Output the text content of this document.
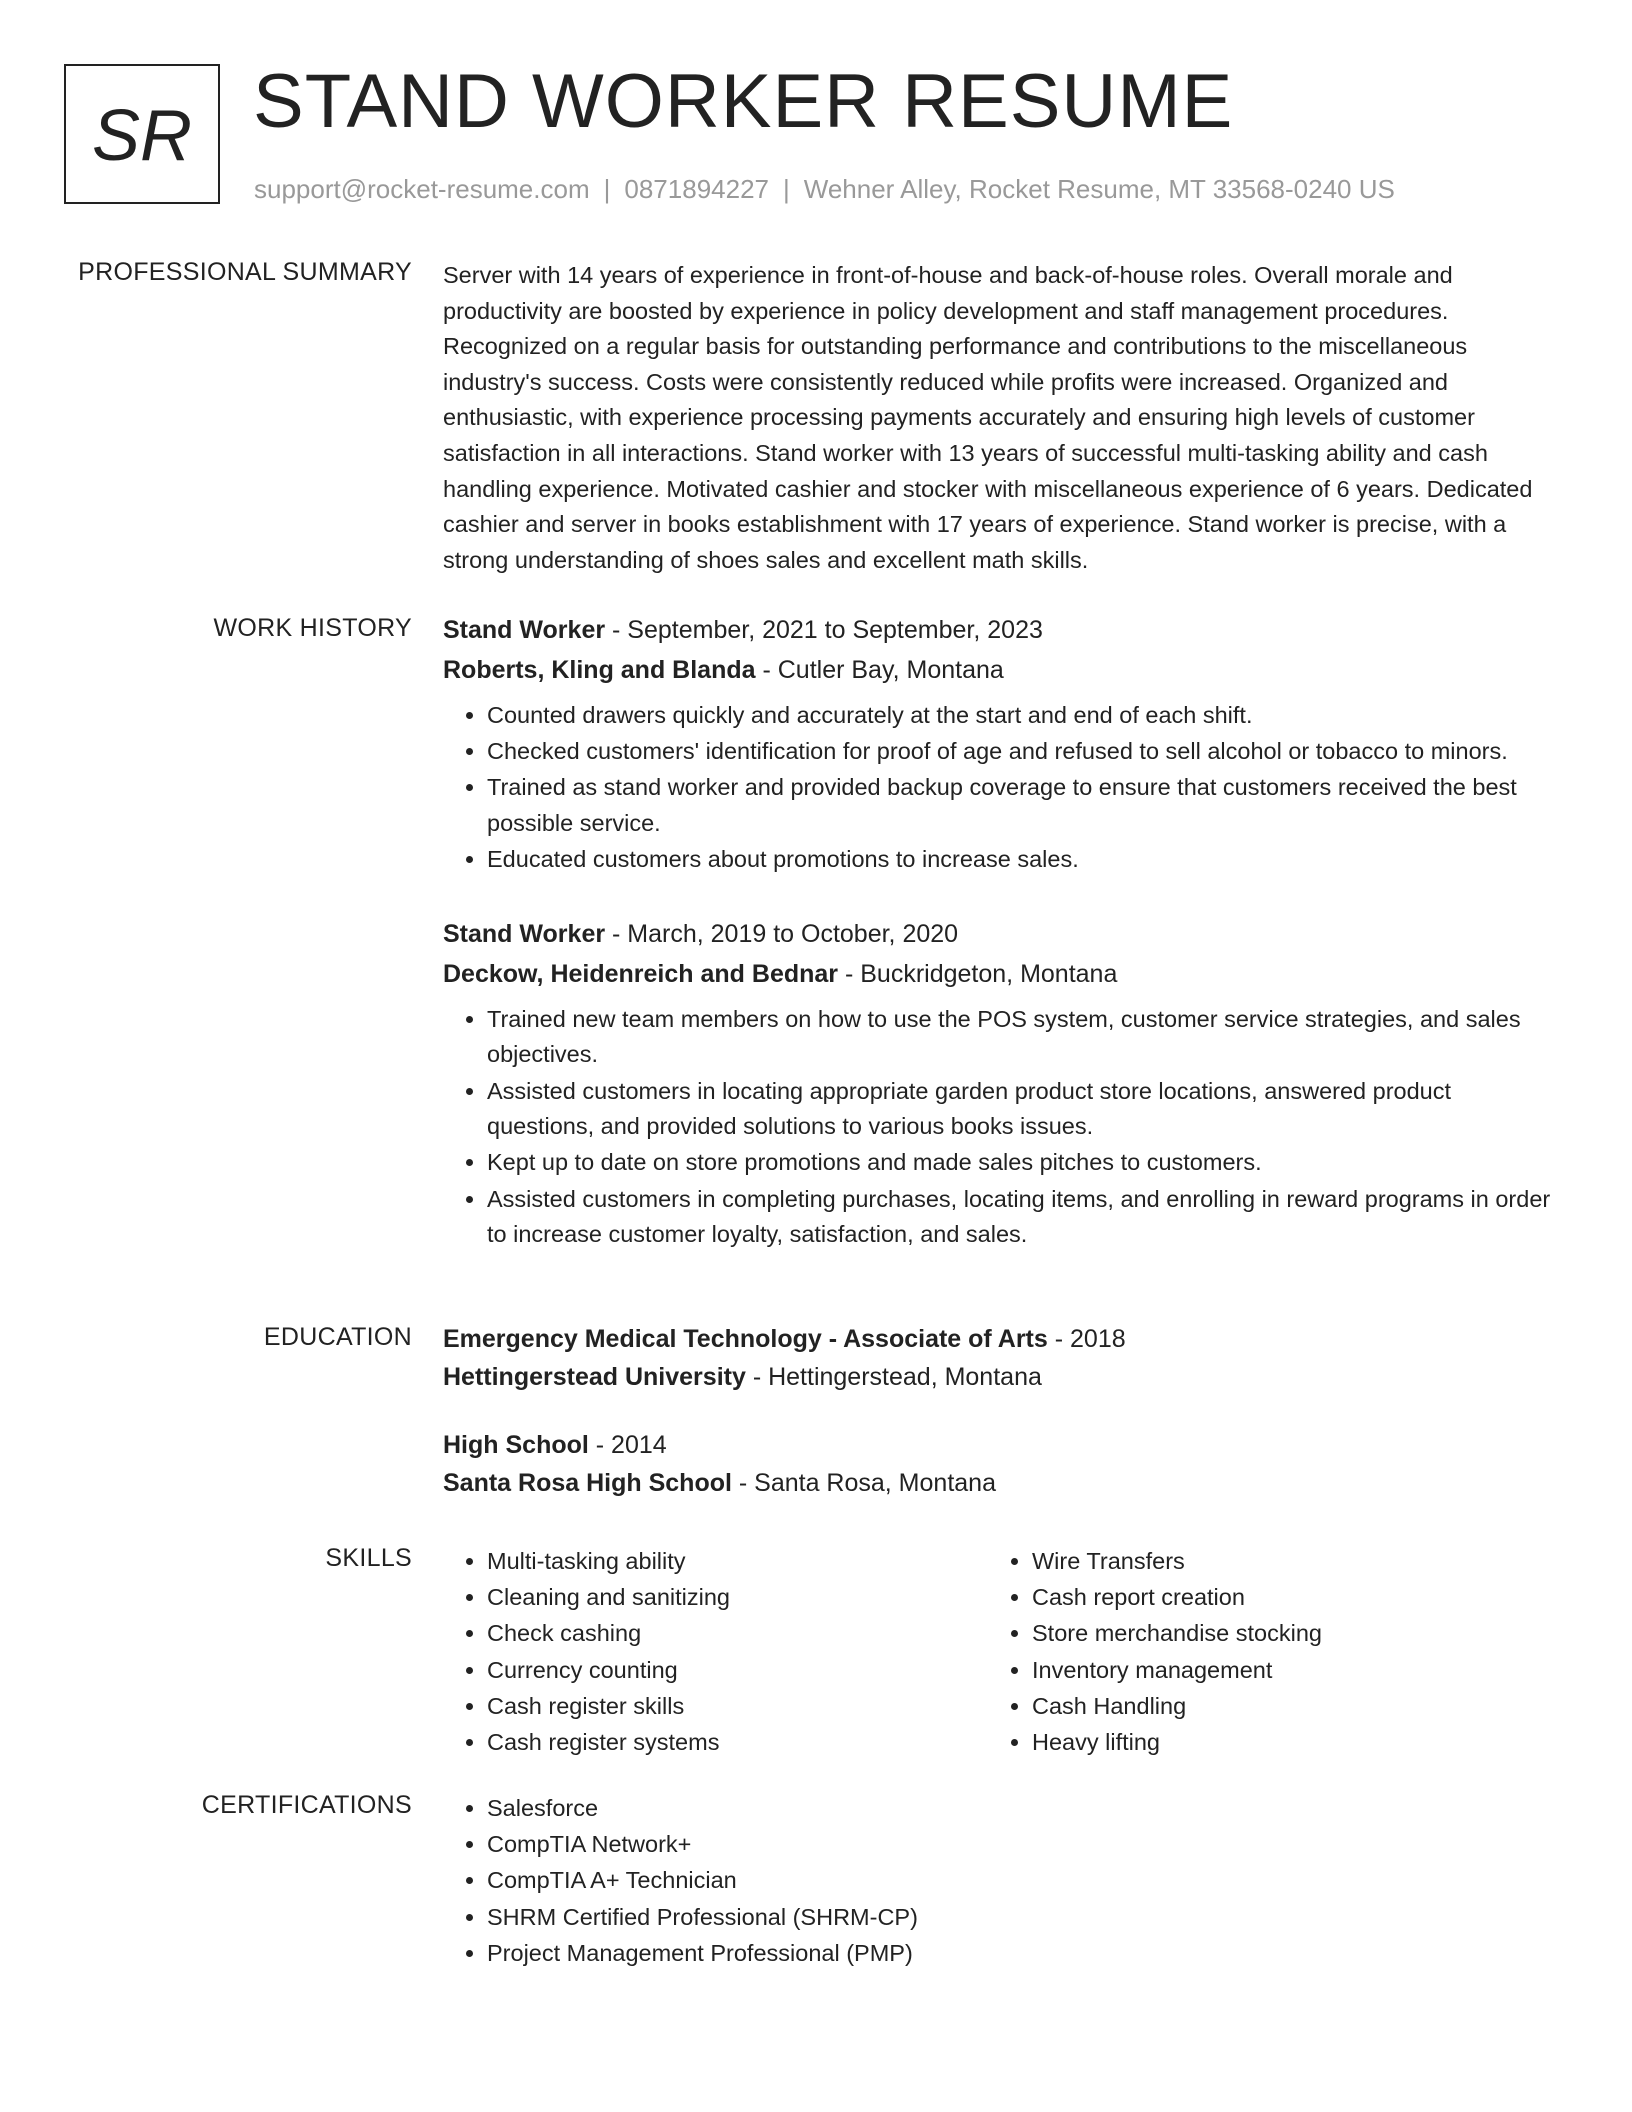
SR STAND WORKER RESUME
support@rocket-resume.com | 0871894227 | Wehner Alley, Rocket Resume, MT 33568-0240 US
PROFESSIONAL SUMMARY Server with 14 years of experience in front-of-house and back-of-house roles. Overall morale and productivity are boosted by experience in policy development and staff management procedures. Recognized on a regular basis for outstanding performance and contributions to the miscellaneous industry's success. Costs were consistently reduced while profits were increased. Organized and enthusiastic, with experience processing payments accurately and ensuring high levels of customer satisfaction in all interactions. Stand worker with 13 years of successful multi-tasking ability and cash handling experience. Motivated cashier and stocker with miscellaneous experience of 6 years. Dedicated cashier and server in books establishment with 17 years of experience. Stand worker is precise, with a strong understanding of shoes sales and excellent math skills.

WORK HISTORY Stand Worker - September, 2021 to September, 2023
Roberts, Kling and Blanda - Cutler Bay, Montana
• Counted drawers quickly and accurately at the start and end of each shift.
• Checked customers' identification for proof of age and refused to sell alcohol or tobacco to minors.
• Trained as stand worker and provided backup coverage to ensure that customers received the best possible service.
• Educated customers about promotions to increase sales.
Stand Worker - March, 2019 to October, 2020
Deckow, Heidenreich and Bednar - Buckridgeton, Montana
• Trained new team members on how to use the POS system, customer service strategies, and sales objectives.
• Assisted customers in locating appropriate garden product store locations, answered product questions, and provided solutions to various books issues.
• Kept up to date on store promotions and made sales pitches to customers.
• Assisted customers in completing purchases, locating items, and enrolling in reward programs in order to increase customer loyalty, satisfaction, and sales.
EDUCATION Emergency Medical Technology - Associate of Arts - 2018
Hettingerstead University - Hettingerstead, Montana
High School - 2014
Santa Rosa High School - Santa Rosa, Montana
SKILLS	• Multi-tasking ability
• Cleaning and sanitizing
• Check cashing
• Currency counting
• Cash register skills
• Cash register systems
• Wire Transfers
• Cash report creation
• Store merchandise stocking
• Inventory management
• Cash Handling
• Heavy lifting
CERTIFICATIONS	• Salesforce
• CompTIA Network+
• CompTIA A+ Technician
• SHRM Certified Professional (SHRM-CP)
• Project Management Professional (PMP)
